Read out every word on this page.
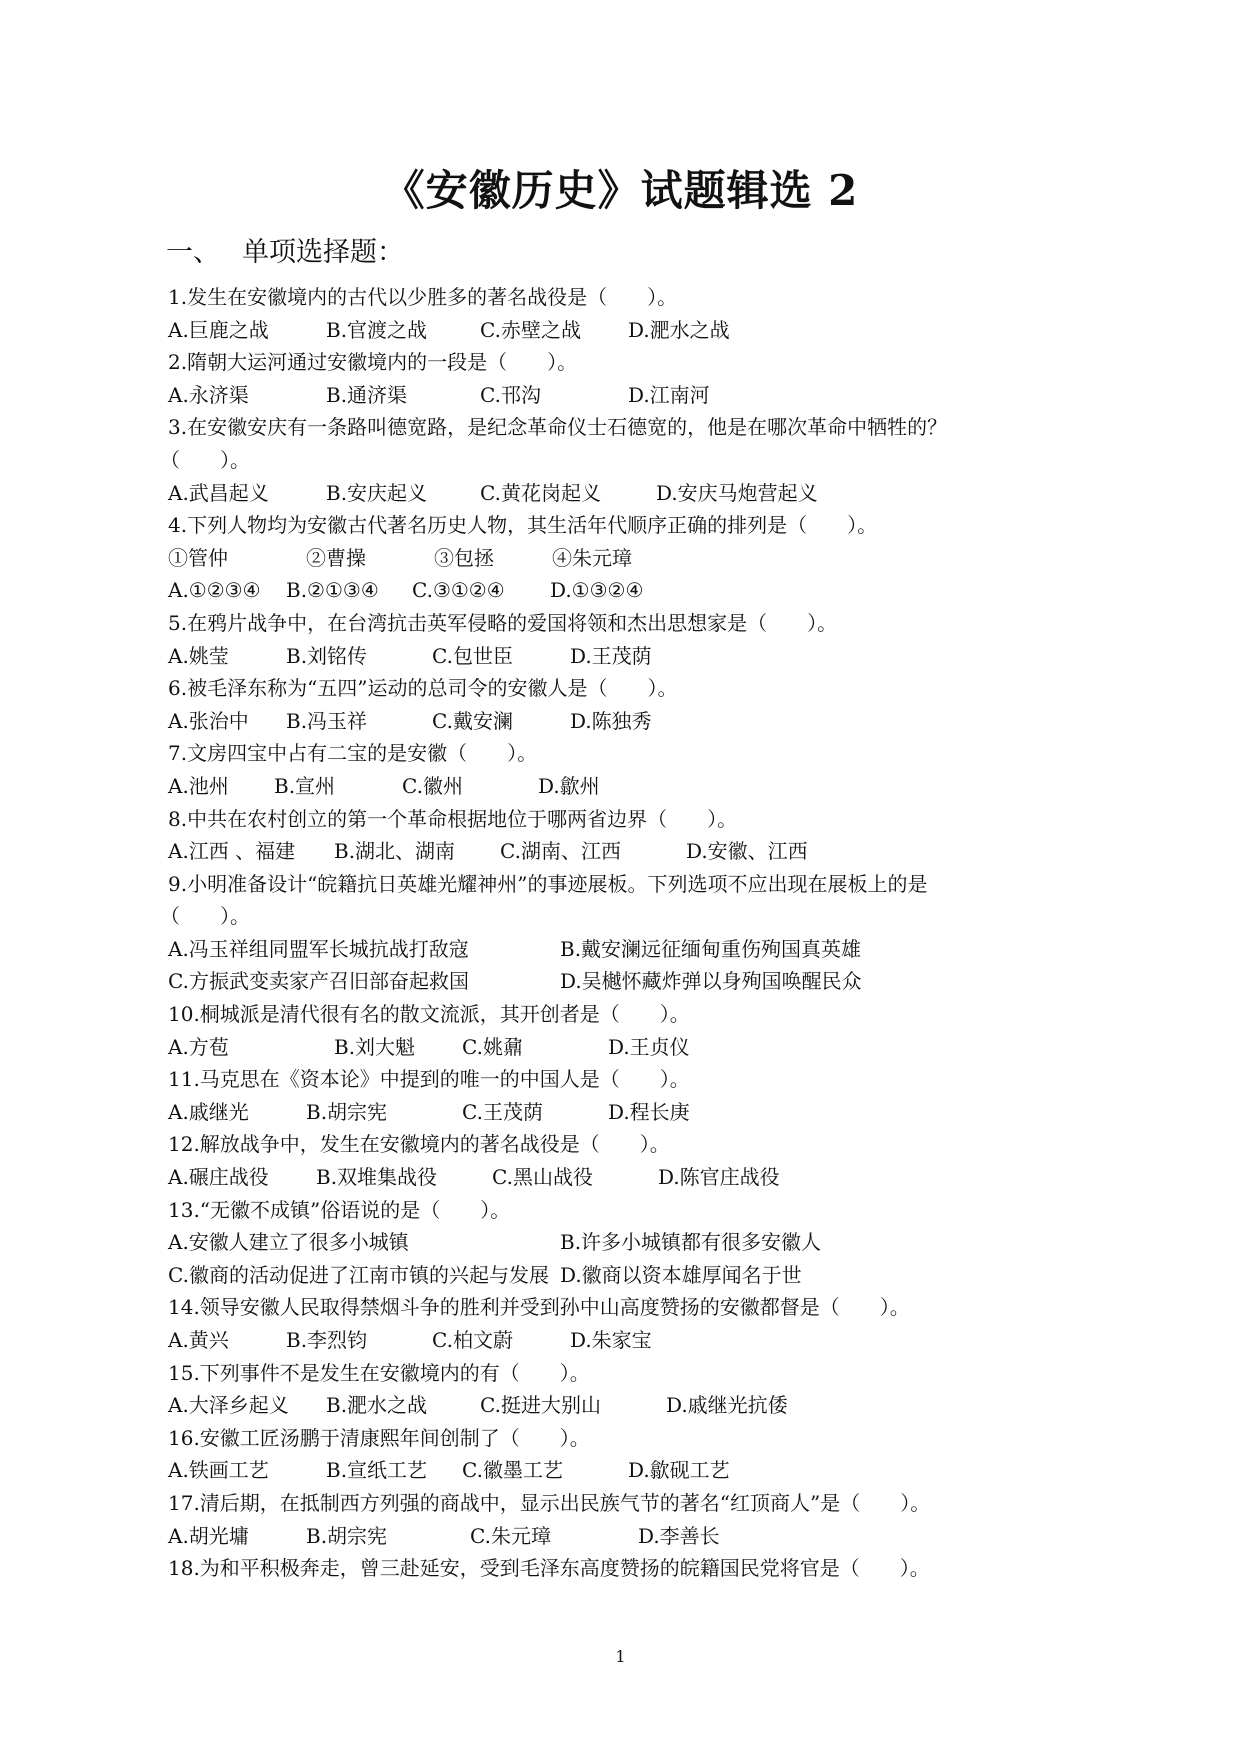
《安徽历史》试题辑选 2
一、 单项选择题：
1.发生在安徽境内的古代以少胜多的著名战役是（　　）。
A.巨鹿之战	B.官渡之战	C.赤壁之战 D.淝水之战
2.隋朝大运河通过安徽境内的一段是（　　）。
A.永济渠	B.通济渠	C.邗沟	D.江南河
3.在安徽安庆有一条路叫德宽路，是纪念革命仪士石德宽的，他是在哪次革命中牺牲的？
（　　）。
A.武昌起义	B.安庆起义	C.黄花岗起义	D.安庆马炮营起义
4.下列人物均为安徽古代著名历史人物，其生活年代顺序正确的排列是（　　）。
①管仲	②曹操	③包拯	④朱元璋
A.①②③④ B.②①③④ C.③①②④ D.①③②④
5.在鸦片战争中，在台湾抗击英军侵略的爱国将领和杰出思想家是（　　）。
A.姚莹	B.刘铭传	C.包世臣	D.王茂荫
6.被毛泽东称为“五四”运动的总司令的安徽人是（　　）。
A.张治中 B.冯玉祥	C.戴安澜	D.陈独秀
7.文房四宝中占有二宝的是安徽（　　）。
A.池州 B.宣州	C.徽州	D.歙州
8.中共在农村创立的第一个革命根据地位于哪两省边界（　　）。
A.江西 、福建 B.湖北、湖南 C.湖南、江西	D.安徽、江西
9.小明准备设计“皖籍抗日英雄光耀神州”的事迹展板。下列选项不应出现在展板上的是
（　　）。
A.冯玉祥组同盟军长城抗战打敌寇	B.戴安澜远征缅甸重伤殉国真英雄
C.方振武变卖家产召旧部奋起救国	D.吴樾怀藏炸弹以身殉国唤醒民众
10.桐城派是清代很有名的散文流派，其开创者是（　　）。
A.方苞	B.刘大魁 C.姚鼐	D.王贞仪
11.马克思在《资本论》中提到的唯一的中国人是（　　）。
A.戚继光	B.胡宗宪	C.王茂荫	D.程长庚
12.解放战争中，发生在安徽境内的著名战役是（　　）。
A.碾庄战役 B.双堆集战役	C.黑山战役	D.陈官庄战役
13.“无徽不成镇”俗语说的是（　　）。
A.安徽人建立了很多小城镇	B.许多小城镇都有很多安徽人
C.徽商的活动促进了江南市镇的兴起与发展 D.徽商以资本雄厚闻名于世
14.领导安徽人民取得禁烟斗争的胜利并受到孙中山高度赞扬的安徽都督是（　　）。
A.黄兴	B.李烈钧	C.柏文蔚	D.朱家宝
15.下列事件不是发生在安徽境内的有（　　）。
A.大泽乡起义 B.淝水之战	C.挺进大别山	D.戚继光抗倭
16.安徽工匠汤鹏于清康熙年间创制了（　　）。
A.铁画工艺	B.宣纸工艺 C.徽墨工艺	D.歙砚工艺
17.清后期，在抵制西方列强的商战中，显示出民族气节的著名“红顶商人”是（　　）。
A.胡光墉	B.胡宗宪	C.朱元璋	D.李善长
18.为和平积极奔走，曾三赴延安，受到毛泽东高度赞扬的皖籍国民党将官是（　　）。
1
